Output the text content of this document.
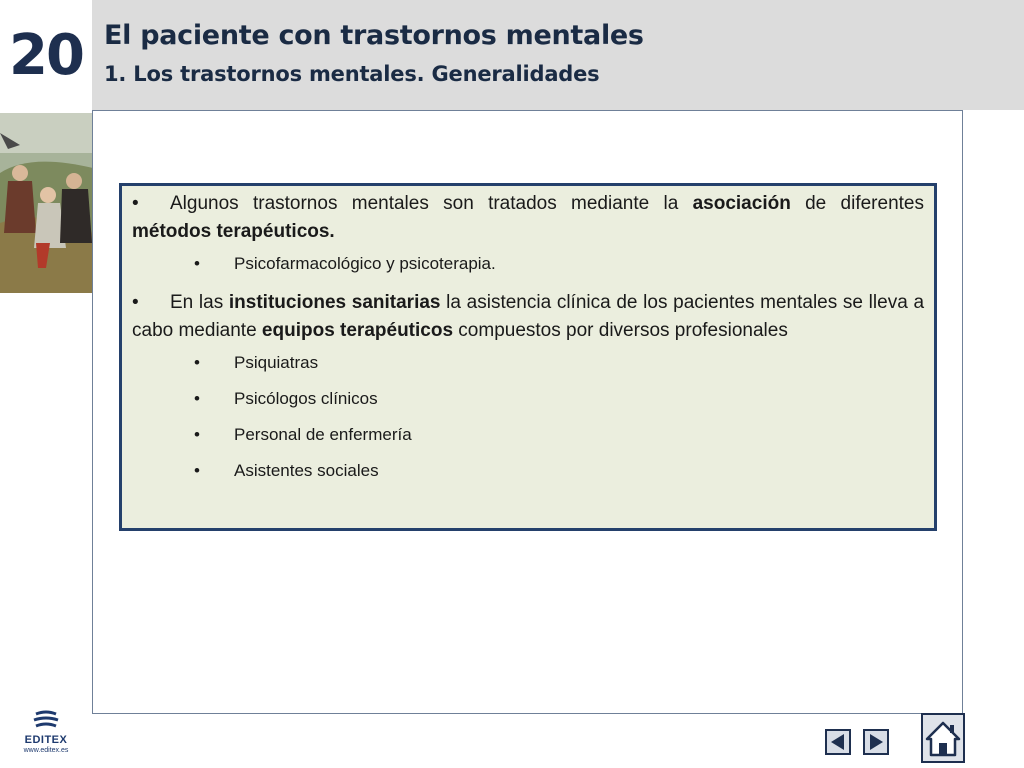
20 El paciente con trastornos mentales
1. Los trastornos mentales. Generalidades

• Algunos trastornos mentales son tratados mediante la asociación de diferentes métodos terapéuticos.

• Psicofarmacológico y psicoterapia.

• En las instituciones sanitarias la asistencia clínica de los pacientes mentales se lleva a cabo mediante equipos terapéuticos compuestos por diversos profesionales

• Psiquiatras
• Psicólogos clínicos
• Personal de enfermería
• Asistentes sociales
EDITEX
www.editex.es
